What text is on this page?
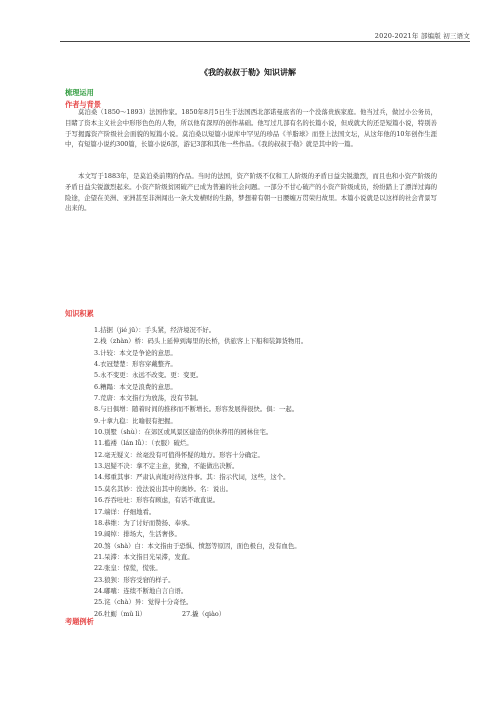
2020-2021年 部编版 初三语文
《我的叔叔于勒》知识讲解
梳理运用
作者与背景

莫泊桑（1850～1893）法国作家。1850年8月5日生于法国西北部诺曼底省的一个没落贵族家庭。他当过兵，做过小公务员，目睹了资本主义社会中形形色色的人物，所以他有深厚的创作基础。他写过几部有名的长篇小说，但成就大的还是短篇小说，特别善于写揭露资产阶级社会面貌的短篇小说。莫泊桑以短篇小说库中罕见的珍品《羊脂球》而登上法国文坛，从这年他的10年创作生涯中，有短篇小说约300篇，长篇小说6部，游记3部和其他一些作品。《我的叔叔于勒》就是其中的一篇。

本文写于1883年，是莫泊桑前期的作品。当时的法国，资产阶级不仅和工人阶级的矛盾日益尖锐激烈，而且也和小资产阶级的矛盾日益尖锐激烈起来。小资产阶级贫困破产已成为普遍的社会问题。一部分不甘心破产的小资产阶级成员，纷纷踏上了漂洋过海的险途，企望在美洲、亚洲甚至非洲闯出一条大发横财的生路，梦想着有朝一日腰缠万贯荣归故里。本篇小说就是以这样的社会背景写出来的。

知识积累
1.拮据（jié jū）：手头紧，经济境况不好。
2.栈（zhàn）桥：码头上延伸到海里的长桥，供旅客上下船和装卸货物用。
3.计较：本文是争论的意思。
4.衣冠楚楚：形容穿戴整齐。
5.永不变更：永远不改变。更：变更。
6.糟蹋：本文是浪费的意思。
7.荒唐：本文指行为放荡，没有节制。
8.与日俱增：随着时间的推移而不断增长。形容发展得很快。俱：一起。
9.十拿九稳：比喻很有把握。
10.別墅（shù）：在郊区或风景区建造的供休养用的园林住宅。
11.褴褛（lán lǚ）：（衣服）破烂。
12.毫无疑义：丝毫没有可值得怀疑的地方。形容十分确定。
13.迟疑不决：拿不定主意，犹豫，不能做出决断。
14.郑重其事：严肃认真地对待这件事。其：指示代词，这些，这个。
15.莫名其妙：没法说出其中的奥妙。名：说出。
16.吞吞吐吐：形容有顾虑，有话不敢直说。
17.端详：仔细地看。
18.恭维：为了讨好而赞扬、奉承。
19.阔绰：排场大，生活奢侈。
20.煞（shà）白：本文指由于恐惧、愤怒等原因，面色极白，没有血色。
21.呆滞：本文指目光呆滞，发直。
22.张皇：惊慌，慌张。
23.狼狈：形容受窘的样子。
24.嘟囔：连续不断地自言自语。
25.诧（chà）异：觉得十分奇怪。
26.牡蛎（mǔ lì）	27.撬（qiào）
考题例析
